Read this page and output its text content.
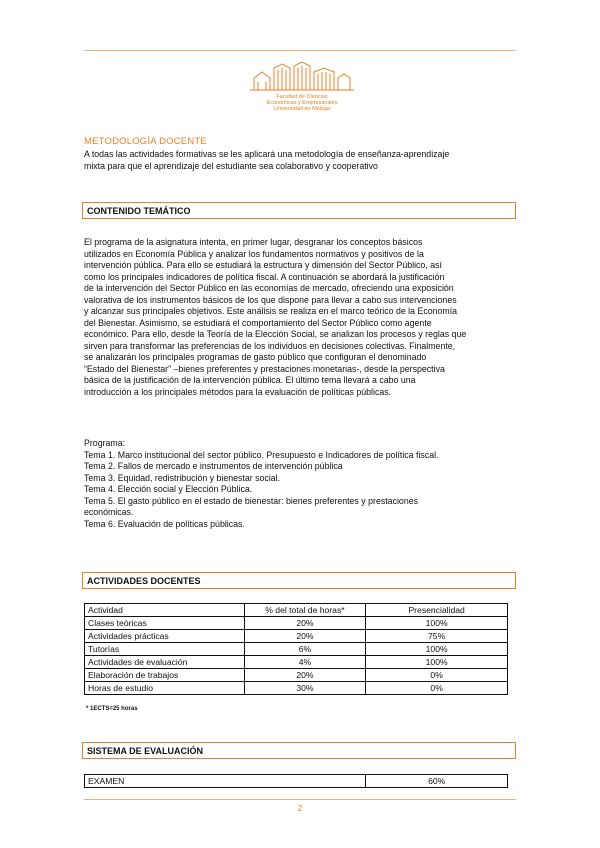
Facultad de Ciencias
Económicas y Empresariales
Universidad de Málaga
METODOLOGÍA DOCENTE
A todas las actividades formativas se les aplicará una metodología de enseñanza-aprendizaje
mixta para que el aprendizaje del estudiante sea colaborativo y cooperativo
CONTENIDO TEMÁTICO
El programa de la asignatura intenta, en primer lugar, desgranar los conceptos básicos
utilizados en Economía Pública y analizar los fundamentos normativos y positivos de la
intervención pública. Para ello se estudiará la estructura y dimensión del Sector Público, así
como los principales indicadores de política fiscal. A continuación se abordará la justificación
de la intervención del Sector Público en las economías de mercado, ofreciendo una exposición
valorativa de los instrumentos básicos de los que dispone para llevar a cabo sus intervenciones
y alcanzar sus principales objetivos. Este análisis se realiza en el marco teórico de la Economía
del Bienestar. Asimismo, se estudiará el comportamiento del Sector Público como agente
económico. Para ello, desde la Teoría de la Elección Social, se analizan los procesos y reglas que
sirven para transformar las preferencias de los individuos en decisiones colectivas. Finalmente,
se analizarán los principales programas de gasto público que configuran el denominado
“Estado del Bienestar” –bienes preferentes y prestaciones monetarias-, desde la perspectiva
básica de la justificación de la intervención pública. El último tema llevará a cabo una
introducción a los principales métodos para la evaluación de políticas públicas.
Programa:
Tema 1. Marco institucional del sector público. Presupuesto e Indicadores de política fiscal.
Tema 2. Fallos de mercado e instrumentos de intervención pública
Tema 3. Equidad, redistribución y bienestar social.
Tema 4. Elección social y Elección Pública.
Tema 5. El gasto público en el estado de bienestar: bienes preferentes y prestaciones
económicas.
Tema 6. Evaluación de políticas públicas.
ACTIVIDADES DOCENTES
Actividad	% del total de horas*	Presencialidad
Clases teóricas	20%	100%
Actividades prácticas	20%	75%
Tutorías	6%	100%
Actividades de evaluación	4%	100%
Elaboración de trabajos	20%	0%
Horas de estudio	30%	0%
* 1ECTS=25 horas
SISTEMA DE EVALUACIÓN
EXAMEN	60%
2
